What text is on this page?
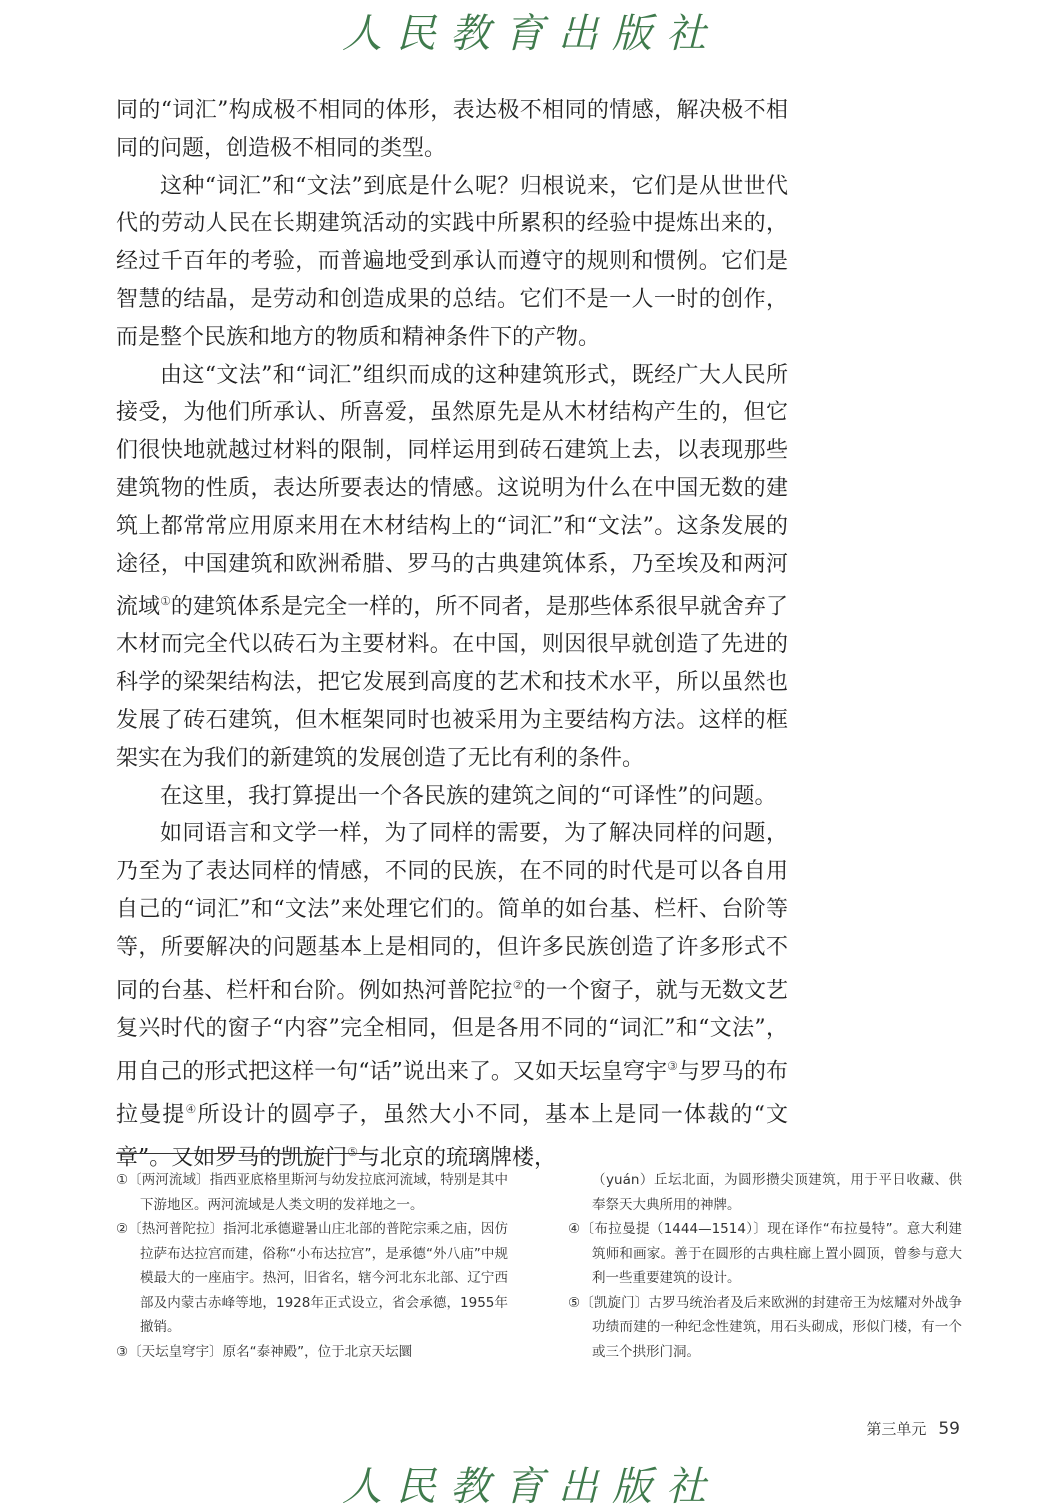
人民教育出版社

同的“词汇”构成极不相同的体形，表达极不相同的情感，解决极不相同的问题，创造极不相同的类型。

这种“词汇”和“文法”到底是什么呢？归根说来，它们是从世世代代的劳动人民在长期建筑活动的实践中所累积的经验中提炼出来的，经过千百年的考验，而普遍地受到承认而遵守的规则和惯例。它们是智慧的结晶，是劳动和创造成果的总结。它们不是一人一时的创作，而是整个民族和地方的物质和精神条件下的产物。

由这“文法”和“词汇”组织而成的这种建筑形式，既经广大人民所接受，为他们所承认、所喜爱，虽然原先是从木材结构产生的，但它们很快地就越过材料的限制，同样运用到砖石建筑上去，以表现那些建筑物的性质，表达所要表达的情感。这说明为什么在中国无数的建筑上都常常应用原来用在木材结构上的“词汇”和“文法”。这条发展的途径，中国建筑和欧洲希腊、罗马的古典建筑体系，乃至埃及和两河流域①的建筑体系是完全一样的，所不同者，是那些体系很早就舍弃了木材而完全代以砖石为主要材料。在中国，则因很早就创造了先进的科学的梁架结构法，把它发展到高度的艺术和技术水平，所以虽然也发展了砖石建筑，但木框架同时也被采用为主要结构方法。这样的框架实在为我们的新建筑的发展创造了无比有利的条件。

在这里，我打算提出一个各民族的建筑之间的“可译性”的问题。

如同语言和文学一样，为了同样的需要，为了解决同样的问题，乃至为了表达同样的情感，不同的民族，在不同的时代是可以各自用自己的“词汇”和“文法”来处理它们的。简单的如台基、栏杆、台阶等等，所要解决的问题基本上是相同的，但许多民族创造了许多形式不同的台基、栏杆和台阶。例如热河普陀拉②的一个窗子，就与无数文艺复兴时代的窗子“内容”完全相同，但是各用不同的“词汇”和“文法”，用自己的形式把这样一句“话”说出来了。又如天坛皇穹宇③与罗马的布拉曼提④所设计的圆亭子，虽然大小不同，基本上是同一体裁的“文章”。又如罗马的凯旋门⑤与北京的琉璃牌楼，

①〔两河流域〕指西亚底格里斯河与幼发拉底河流域，特别是其中下游地区。两河流域是人类文明的发祥地之一。
②〔热河普陀拉〕指河北承德避暑山庄北部的普陀宗乘之庙，因仿拉萨布达拉宫而建，俗称“小布达拉宫”，是承德“外八庙”中规模最大的一座庙宇。热河，旧省名，辖今河北东北部、辽宁西部及内蒙古赤峰等地，1928年正式设立，省会承德，1955年撤销。
③〔天坛皇穹宇〕原名“泰神殿”，位于北京天坛圜
（yuán）丘坛北面，为圆形攒尖顶建筑，用于平日收藏、供奉祭天大典所用的神牌。
④〔布拉曼提（1444—1514）〕现在译作“布拉曼特”。意大利建筑师和画家。善于在圆形的古典柱廊上置小圆顶，曾参与意大利一些重要建筑的设计。
⑤〔凯旋门〕古罗马统治者及后来欧洲的封建帝王为炫耀对外战争功绩而建的一种纪念性建筑，用石头砌成，形似门楼，有一个或三个拱形门洞。
第三单元 59
人民教育出版社
